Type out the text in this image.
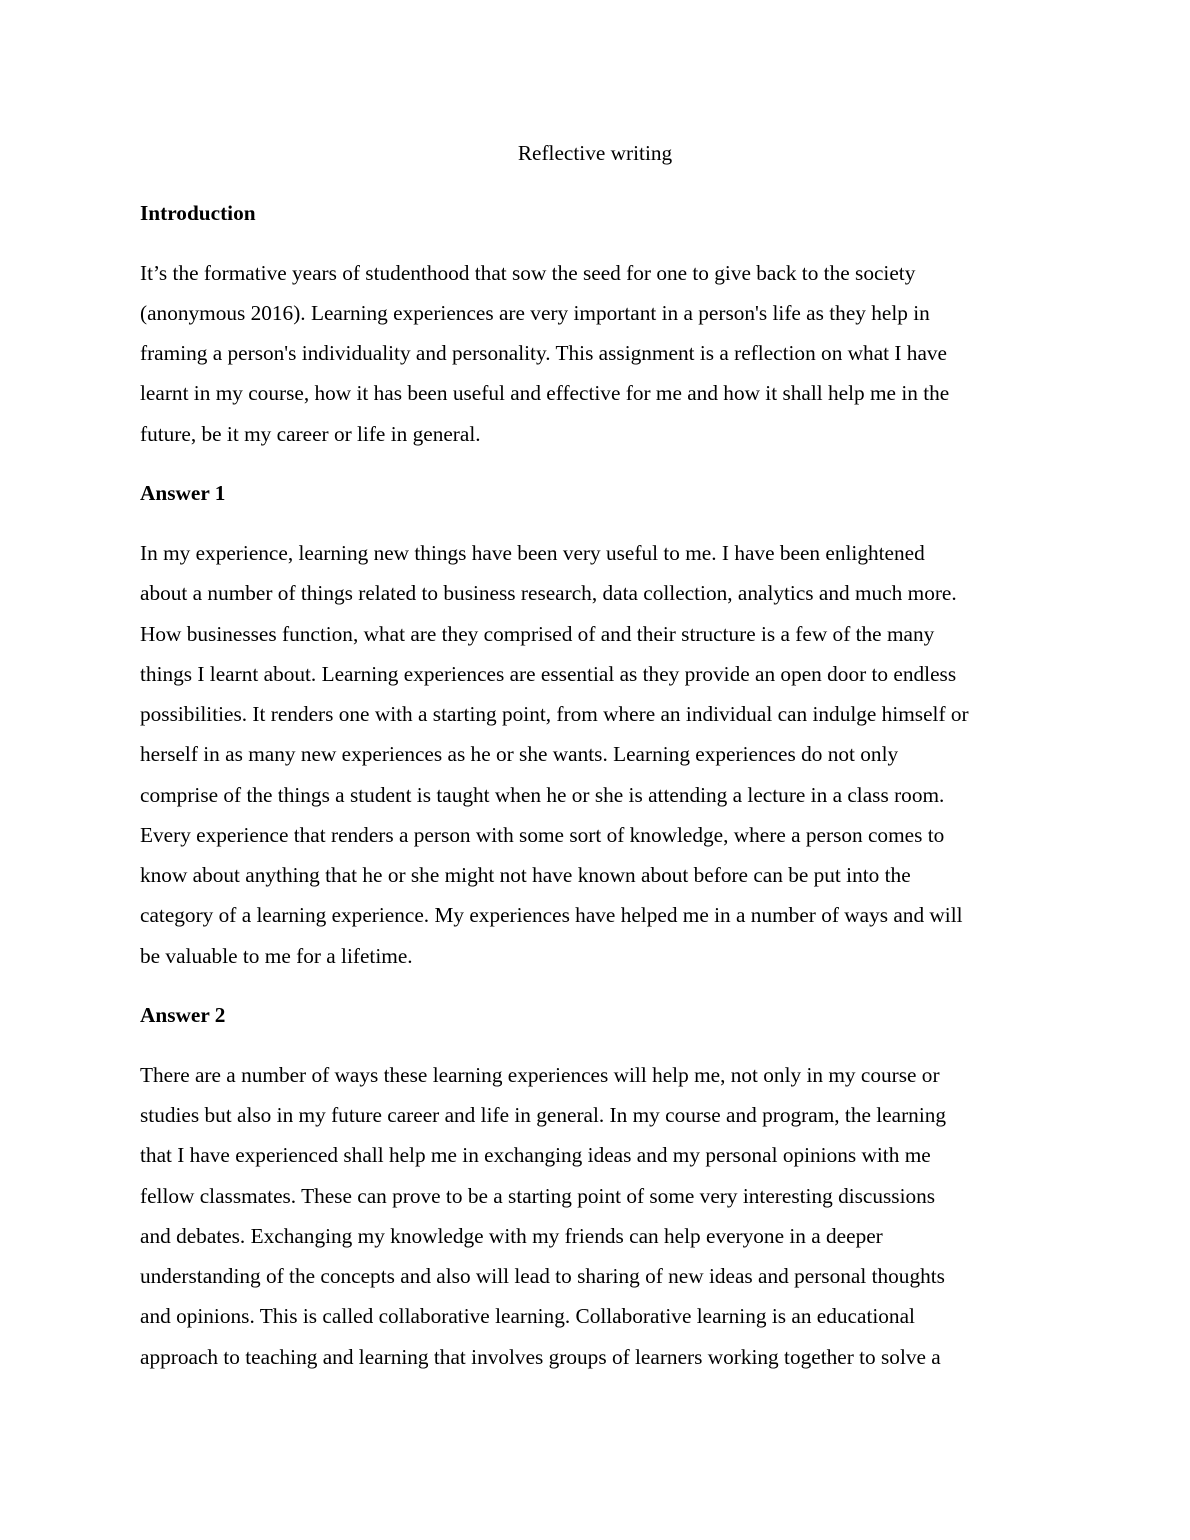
Reflective writing
Introduction
It’s the formative years of studenthood that sow the seed for one to give back to the society
(anonymous 2016). Learning experiences are very important in a person's life as they help in
framing a person's individuality and personality. This assignment is a reflection on what I have
learnt in my course, how it has been useful and effective for me and how it shall help me in the
future, be it my career or life in general.
Answer 1
In my experience, learning new things have been very useful to me. I have been enlightened
about a number of things related to business research, data collection, analytics and much more.
How businesses function, what are they comprised of and their structure is a few of the many
things I learnt about. Learning experiences are essential as they provide an open door to endless
possibilities. It renders one with a starting point, from where an individual can indulge himself or
herself in as many new experiences as he or she wants. Learning experiences do not only
comprise of the things a student is taught when he or she is attending a lecture in a class room.
Every experience that renders a person with some sort of knowledge, where a person comes to
know about anything that he or she might not have known about before can be put into the
category of a learning experience. My experiences have helped me in a number of ways and will
be valuable to me for a lifetime.
Answer 2
There are a number of ways these learning experiences will help me, not only in my course or
studies but also in my future career and life in general. In my course and program, the learning
that I have experienced shall help me in exchanging ideas and my personal opinions with me
fellow classmates. These can prove to be a starting point of some very interesting discussions
and debates. Exchanging my knowledge with my friends can help everyone in a deeper
understanding of the concepts and also will lead to sharing of new ideas and personal thoughts
and opinions. This is called collaborative learning. Collaborative learning is an educational
approach to teaching and learning that involves groups of learners working together to solve a
